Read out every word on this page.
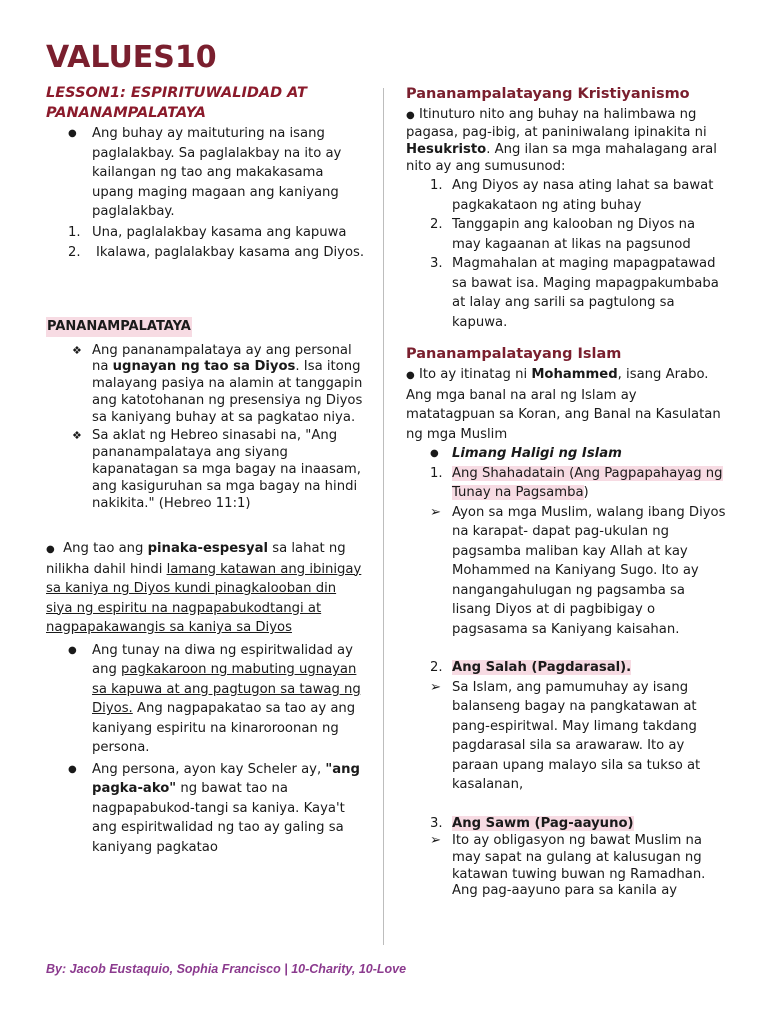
VALUES10
LESSON1: ESPIRITUWALIDAD AT PANANAMPALATAYA
●	Ang buhay ay maituturing na isang paglalakbay. Sa paglalakbay na ito ay kailangan ng tao ang makakasama upang maging magaan ang kaniyang paglalakbay.
1. Una, paglalakbay kasama ang kapuwa
2.	Ikalawa, paglalakbay kasama ang Diyos.
PANANAMPALATAYA
❖ Ang pananampalataya ay ang personal na ugnayan ng tao sa Diyos. Isa itong malayang pasiya na alamin at tanggapin ang katotohanan ng presensiya ng Diyos sa kaniyang buhay at sa pagkatao niya.
❖ Sa aklat ng Hebreo sinasabi na, "Ang pananampalataya ang siyang kapanatagan sa mga bagay na inaasam, ang kasiguruhan sa mga bagay na hindi nakikita." (Hebreo 11:1)
● Ang tao ang pinaka-espesyal sa lahat ng nilikha dahil hindi lamang katawan ang ibinigay sa kaniya ng Diyos kundi pinagkalooban din siya ng espiritu na nagpapabukodtangi at nagpapakawangis sa kaniya sa Diyos
●	Ang tunay na diwa ng espiritwalidad ay ang pagkakaroon ng mabuting ugnayan sa kapuwa at ang pagtugon sa tawag ng Diyos. Ang nagpapakatao sa tao ay ang kaniyang espiritu na kinaroroonan ng persona.
●	Ang persona, ayon kay Scheler ay, "ang pagka-ako" ng bawat tao na nagpapabukod-tangi sa kaniya. Kaya't ang espiritwalidad ng tao ay galing sa kaniyang pagkatao
Pananampalatayang Kristiyanismo
● Itinuturo nito ang buhay na halimbawa ng pagasa, pag-ibig, at paniniwalang ipinakita ni Hesukristo. Ang ilan sa mga mahalagang aral nito ay ang sumusunod:
1. Ang Diyos ay nasa ating lahat sa bawat pagkakataon ng ating buhay
2. Tanggapin ang kalooban ng Diyos na may kagaanan at likas na pagsunod
3. Magmahalan at maging mapagpatawad sa bawat isa. Maging mapagpakumbaba at lalay ang sarili sa pagtulong sa kapuwa.
Pananampalatayang Islam
● Ito ay itinatag ni Mohammed, isang Arabo. Ang mga banal na aral ng Islam ay matatagpuan sa Koran, ang Banal na Kasulatan ng mga Muslim
●	Limang Haligi ng Islam
1. Ang Shahadatain (Ang Pagpapahayag ng Tunay na Pagsamba)
➢ Ayon sa mga Muslim, walang ibang Diyos na karapat- dapat pag-ukulan ng pagsamba maliban kay Allah at kay Mohammed na Kaniyang Sugo. Ito ay nangangahulugan ng pagsamba sa lisang Diyos at di pagbibigay o pagsasama sa Kaniyang kaisahan.
2. Ang Salah (Pagdarasal).
➢ Sa Islam, ang pamumuhay ay isang balanseng bagay na pangkatawan at pang-espiritwal. May limang takdang pagdarasal sila sa arawaraw. Ito ay paraan upang malayo sila sa tukso at kasalanan,
3. Ang Sawm (Pag-aayuno)
➢ Ito ay obligasyon ng bawat Muslim na may sapat na gulang at kalusugan ng katawan tuwing buwan ng Ramadhan. Ang pag-aayuno para sa kanila ay
By: Jacob Eustaquio, Sophia Francisco | 10-Charity, 10-Love
